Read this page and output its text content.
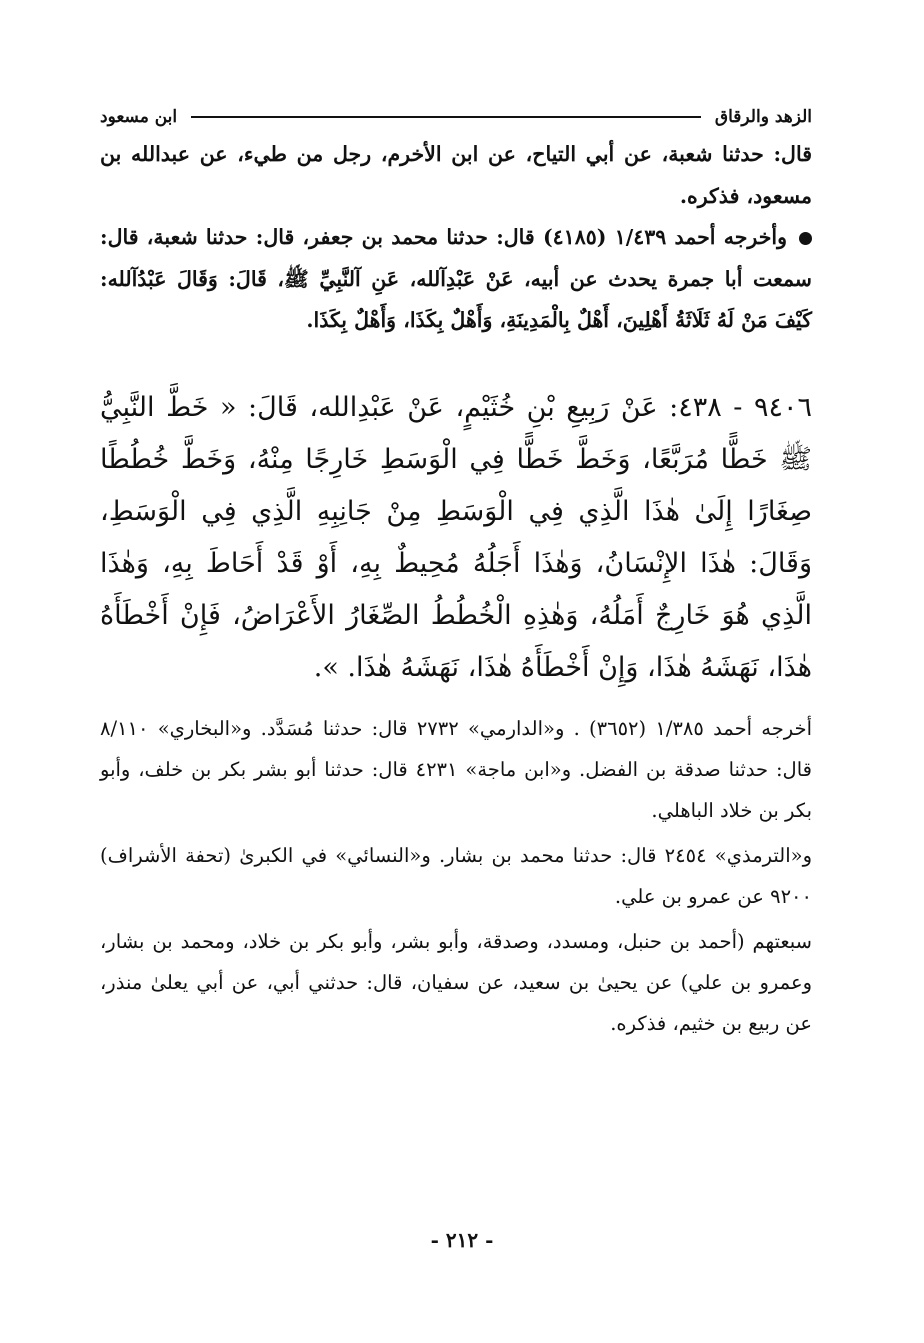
الزهد والرقاق
ابن مسعود

قال: حدثنا شعبة، عن أبي التياح، عن ابن الأخرم، رجل من طيء، عن عبدالله بن مسعود، فذكره.

وأخرجه أحمد ١/٤٣٩ (٤١٨٥) قال: حدثنا محمد بن جعفر، قال: حدثنا شعبة، قال: سمعت أبا جمرة يحدث عن أبيه، عَنْ عَبْدِآلله، عَنِ آلنَّبِيِّ ﷺ، قَالَ: وَقَالَ عَبْدُآلله: كَيْفَ مَنْ لَهُ ثَلَاثَةُ أَهْلِينَ، أَهْلٌ بِالْمَدِينَةِ، وَأَهْلٌ بِكَذَا، وَأَهْلٌ بِكَذَا.

٩٤٠٦ - ٤٣٨: عَنْ رَبِيعِ بْنِ خُثَيْمٍ، عَنْ عَبْدِالله، قَالَ: « خَطَّ النَّبِيُّ ﷺ خَطًّا مُرَبَّعًا، وَخَطَّ خَطًّا فِي الْوَسَطِ خَارِجًا مِنْهُ، وَخَطَّ خُطُطًا صِغَارًا إِلَىٰ هٰذَا الَّذِي فِي الْوَسَطِ مِنْ جَانِبِهِ الَّذِي فِي الْوَسَطِ، وَقَالَ: هٰذَا الإِنْسَانُ، وَهٰذَا أَجَلُهُ مُحِيطٌ بِهِ، أَوْ قَدْ أَحَاطَ بِهِ، وَهٰذَا الَّذِي هُوَ خَارِجٌ أَمَلُهُ، وَهٰذِهِ الْخُطُطُ الصِّغَارُ الأَعْرَاضُ، فَإِنْ أَخْطَأَهُ هٰذَا، نَهَشَهُ هٰذَا، وَإِنْ أَخْطَأَهُ هٰذَا، نَهَشَهُ هٰذَا. ».

أخرجه أحمد ١/٣٨٥ (٣٦٥٢) . و«الدارمي» ٢٧٣٢ قال: حدثنا مُسَدَّد. و«البخاري» ٨/١١٠ قال: حدثنا صدقة بن الفضل. و«ابن ماجة» ٤٢٣١ قال: حدثنا أبو بشر بكر بن خلف، وأبو بكر بن خلاد الباهلي.

و«الترمذي» ٢٤٥٤ قال: حدثنا محمد بن بشار. و«النسائي» في الكبرىٰ (تحفة الأشراف) ٩٢٠٠ عن عمرو بن علي.

سبعتهم (أحمد بن حنبل، ومسدد، وصدقة، وأبو بشر، وأبو بكر بن خلاد، ومحمد بن بشار، وعمرو بن علي) عن يحيىٰ بن سعيد، عن سفيان، قال: حدثني أبي، عن أبي يعلىٰ منذر، عن ربيع بن خثيم، فذكره.

- ٢١٢ -
